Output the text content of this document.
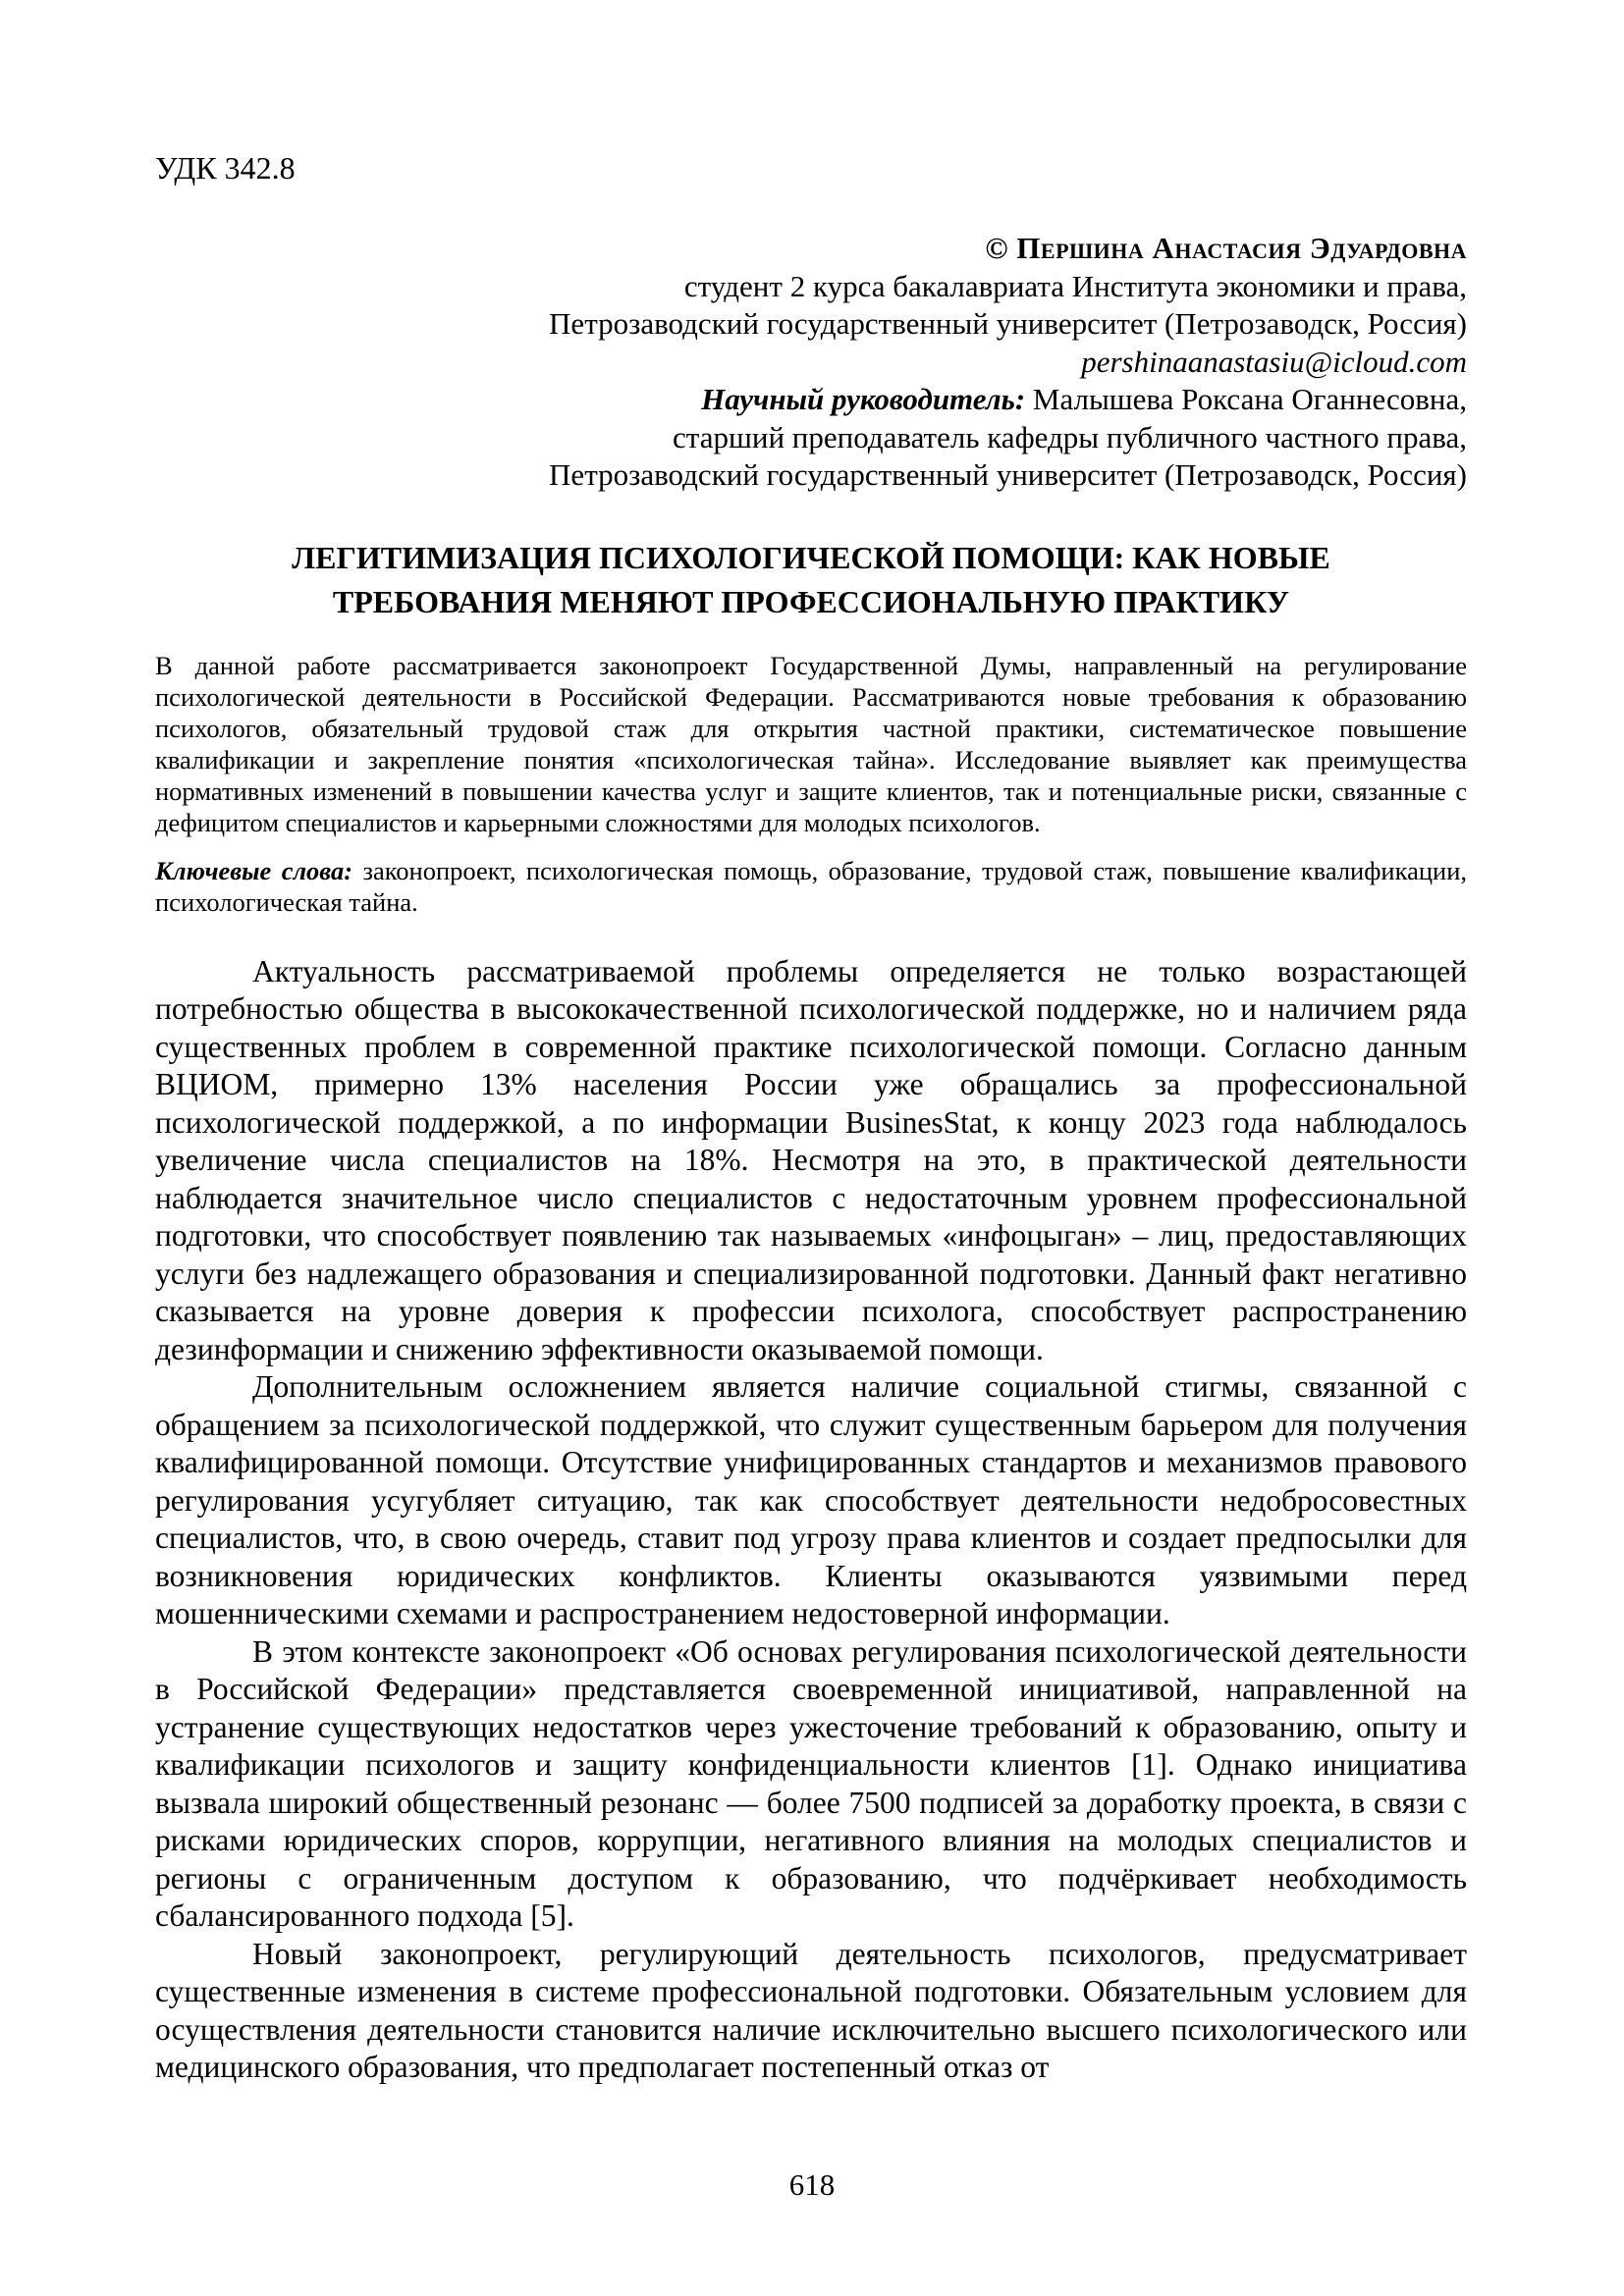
УДК 342.8
© Першина Анастасия Эдуардовна
студент 2 курса бакалавриата Института экономики и права,
Петрозаводский государственный университет (Петрозаводск, Россия)
pershinaanastasiu@icloud.com
Научный руководитель: Малышева Роксана Оганнесовна,
старший преподаватель кафедры публичного частного права,
Петрозаводский государственный университет (Петрозаводск, Россия)
ЛЕГИТИМИЗАЦИЯ ПСИХОЛОГИЧЕСКОЙ ПОМОЩИ: КАК НОВЫЕ ТРЕБОВАНИЯ МЕНЯЮТ ПРОФЕССИОНАЛЬНУЮ ПРАКТИКУ

В данной работе рассматривается законопроект Государственной Думы, направленный на регулирование психологической деятельности в Российской Федерации. Рассматриваются новые требования к образованию психологов, обязательный трудовой стаж для открытия частной практики, систематическое повышение квалификации и закрепление понятия «психологическая тайна». Исследование выявляет как преимущества нормативных изменений в повышении качества услуг и защите клиентов, так и потенциальные риски, связанные с дефицитом специалистов и карьерными сложностями для молодых психологов.

Ключевые слова: законопроект, психологическая помощь, образование, трудовой стаж, повышение квалификации, психологическая тайна.

Актуальность рассматриваемой проблемы определяется не только возрастающей потребностью общества в высококачественной психологической поддержке, но и наличием ряда существенных проблем в современной практике психологической помощи. Согласно данным ВЦИОМ, примерно 13% населения России уже обращались за профессиональной психологической поддержкой, а по информации BusinesStat, к концу 2023 года наблюдалось увеличение числа специалистов на 18%. Несмотря на это, в практической деятельности наблюдается значительное число специалистов с недостаточным уровнем профессиональной подготовки, что способствует появлению так называемых «инфоцыган» – лиц, предоставляющих услуги без надлежащего образования и специализированной подготовки. Данный факт негативно сказывается на уровне доверия к профессии психолога, способствует распространению дезинформации и снижению эффективности оказываемой помощи.

Дополнительным осложнением является наличие социальной стигмы, связанной с обращением за психологической поддержкой, что служит существенным барьером для получения квалифицированной помощи. Отсутствие унифицированных стандартов и механизмов правового регулирования усугубляет ситуацию, так как способствует деятельности недобросовестных специалистов, что, в свою очередь, ставит под угрозу права клиентов и создает предпосылки для возникновения юридических конфликтов. Клиенты оказываются уязвимыми перед мошенническими схемами и распространением недостоверной информации.

В этом контексте законопроект «Об основах регулирования психологической деятельности в Российской Федерации» представляется своевременной инициативой, направленной на устранение существующих недостатков через ужесточение требований к образованию, опыту и квалификации психологов и защиту конфиденциальности клиентов [1]. Однако инициатива вызвала широкий общественный резонанс — более 7500 подписей за доработку проекта, в связи с рисками юридических споров, коррупции, негативного влияния на молодых специалистов и регионы с ограниченным доступом к образованию, что подчёркивает необходимость сбалансированного подхода [5].

Новый законопроект, регулирующий деятельность психологов, предусматривает существенные изменения в системе профессиональной подготовки. Обязательным условием для осуществления деятельности становится наличие исключительно высшего психологического или медицинского образования, что предполагает постепенный отказ от

618
